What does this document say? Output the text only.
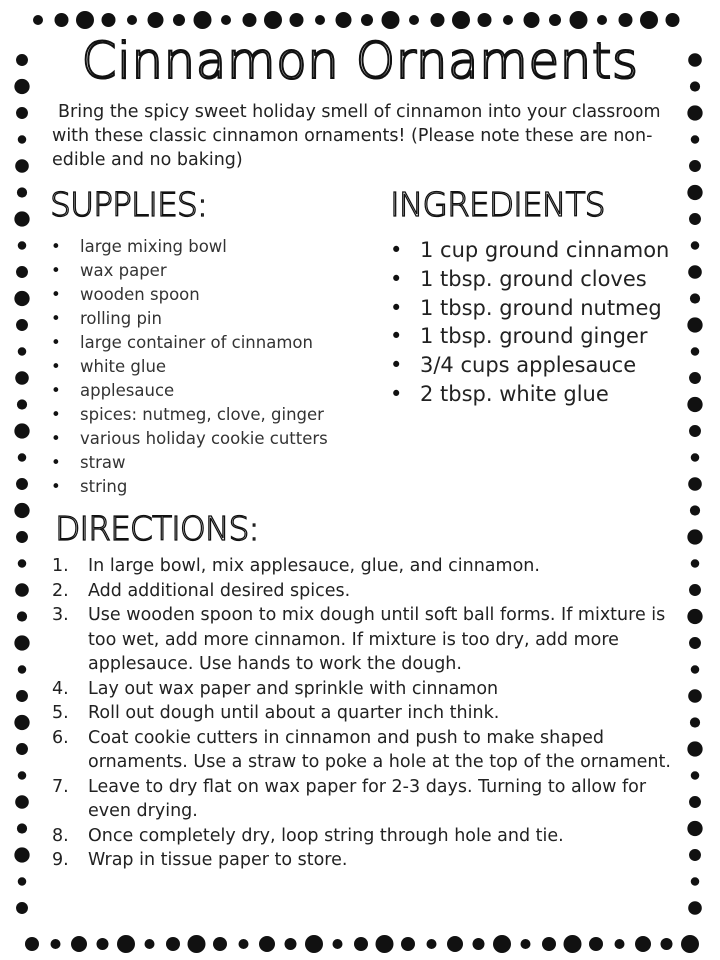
Cinnamon Ornaments
Bring the spicy sweet holiday smell of cinnamon into your classroom with these classic cinnamon ornaments! (Please note these are non-edible and no baking)
SUPPLIES:
• large mixing bowl
• wax paper
• wooden spoon
• rolling pin
• large container of cinnamon
• white glue
• applesauce
• spices: nutmeg, clove, ginger
• various holiday cookie cutters
• straw
• string
INGREDIENTS
• 1 cup ground cinnamon
• 1 tbsp. ground cloves
• 1 tbsp. ground nutmeg
• 1 tbsp. ground ginger
• 3/4 cups applesauce
• 2 tbsp. white glue
DIRECTIONS:
1. In large bowl, mix applesauce, glue, and cinnamon.
2. Add additional desired spices.
3. Use wooden spoon to mix dough until soft ball forms. If mixture is too wet, add more cinnamon. If mixture is too dry, add more applesauce. Use hands to work the dough.
4. Lay out wax paper and sprinkle with cinnamon
5. Roll out dough until about a quarter inch think.
6. Coat cookie cutters in cinnamon and push to make shaped ornaments. Use a straw to poke a hole at the top of the ornament.
7. Leave to dry flat on wax paper for 2-3 days. Turning to allow for even drying.
8. Once completely dry, loop string through hole and tie.
9. Wrap in tissue paper to store.
